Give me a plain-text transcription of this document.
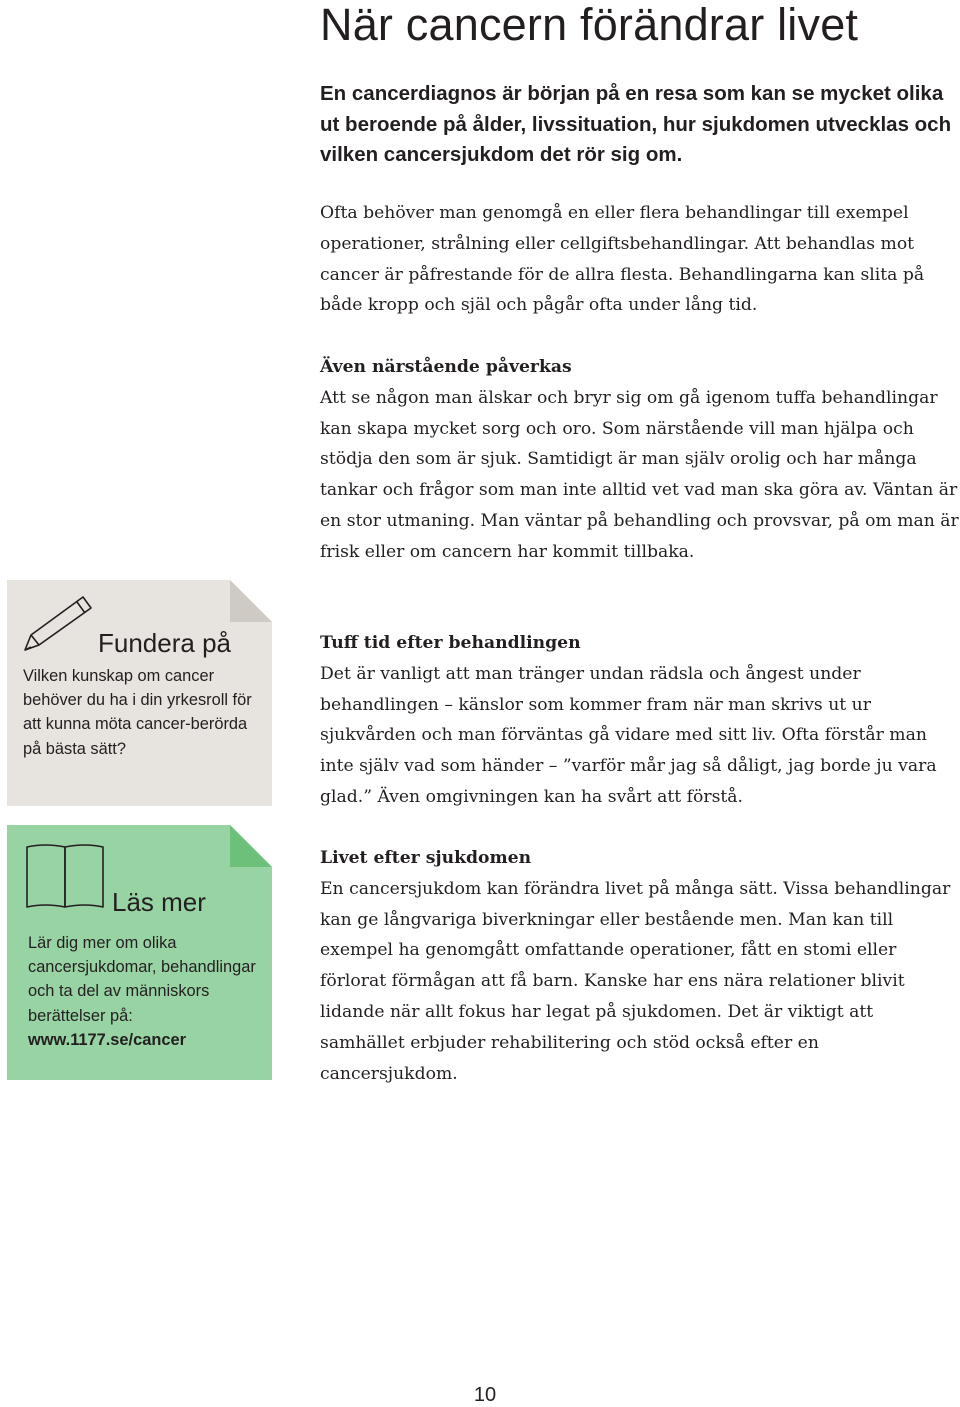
När cancern förändrar livet
En cancerdiagnos är början på en resa som kan se mycket olika ut beroende på ålder, livssituation, hur sjukdomen utvecklas och vilken cancersjukdom det rör sig om.
Ofta behöver man genomgå en eller flera behandlingar till exempel operationer, strålning eller cellgiftsbehandlingar. Att behandlas mot cancer är påfrestande för de allra flesta. Behandlingarna kan slita på både kropp och själ och pågår ofta under lång tid.
Även närstående påverkas
Att se någon man älskar och bryr sig om gå igenom tuffa behandlingar kan skapa mycket sorg och oro. Som närstående vill man hjälpa och stödja den som är sjuk. Samtidigt är man själv orolig och har många tankar och frågor som man inte alltid vet vad man ska göra av. Väntan är en stor utmaning. Man väntar på behandling och provsvar, på om man är frisk eller om cancern har kommit tillbaka.
Tuff tid efter behandlingen
Det är vanligt att man tränger undan rädsla och ångest under behandlingen – känslor som kommer fram när man skrivs ut ur sjukvården och man förväntas gå vidare med sitt liv. Ofta förstår man inte själv vad som händer – ”varför mår jag så dåligt, jag borde ju vara glad.” Även omgivningen kan ha svårt att förstå.
Livet efter sjukdomen
En cancersjukdom kan förändra livet på många sätt. Vissa behandlingar kan ge långvariga biverkningar eller bestående men. Man kan till exempel ha genomgått omfattande operationer, fått en stomi eller förlorat förmågan att få barn. Kanske har ens nära relationer blivit lidande när allt fokus har legat på sjukdomen. Det är viktigt att samhället erbjuder rehabilitering och stöd också efter en cancersjukdom.
Fundera på
Vilken kunskap om cancer behöver du ha i din yrkesroll för att kunna möta cancer-berörda på bästa sätt?
Läs mer
Lär dig mer om olika cancersjukdomar, behandlingar och ta del av människors berättelser på:
www.1177.se/cancer
10
